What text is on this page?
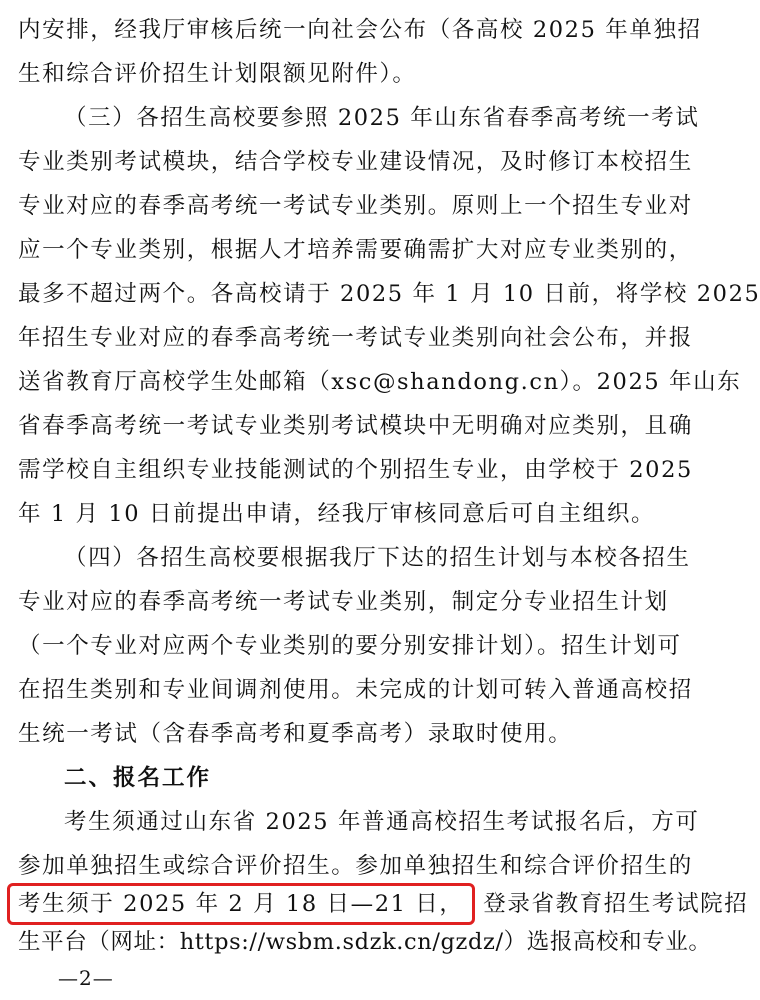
内安排，经我厅审核后统一向社会公布（各高校 2025 年单独招
生和综合评价招生计划限额见附件）。
（三）各招生高校要参照 2025 年山东省春季高考统一考试
专业类别考试模块，结合学校专业建设情况，及时修订本校招生
专业对应的春季高考统一考试专业类别。原则上一个招生专业对
应一个专业类别，根据人才培养需要确需扩大对应专业类别的，
最多不超过两个。各高校请于 2025 年 1 月 10 日前，将学校 2025
年招生专业对应的春季高考统一考试专业类别向社会公布，并报
送省教育厅高校学生处邮箱（xsc@shandong.cn）。2025 年山东
省春季高考统一考试专业类别考试模块中无明确对应类别，且确
需学校自主组织专业技能测试的个别招生专业，由学校于 2025
年 1 月 10 日前提出申请，经我厅审核同意后可自主组织。
（四）各招生高校要根据我厅下达的招生计划与本校各招生
专业对应的春季高考统一考试专业类别，制定分专业招生计划
（一个专业对应两个专业类别的要分别安排计划）。招生计划可
在招生类别和专业间调剂使用。未完成的计划可转入普通高校招
生统一考试（含春季高考和夏季高考）录取时使用。
二、报名工作
考生须通过山东省 2025 年普通高校招生考试报名后，方可
参加单独招生或综合评价招生。参加单独招生和综合评价招生的
考生须于 2025 年 2 月 18 日—21 日， 登录省教育招生考试院招
生平台（网址：https://wsbm.sdzk.cn/gzdz/）选报高校和专业。
—2—
